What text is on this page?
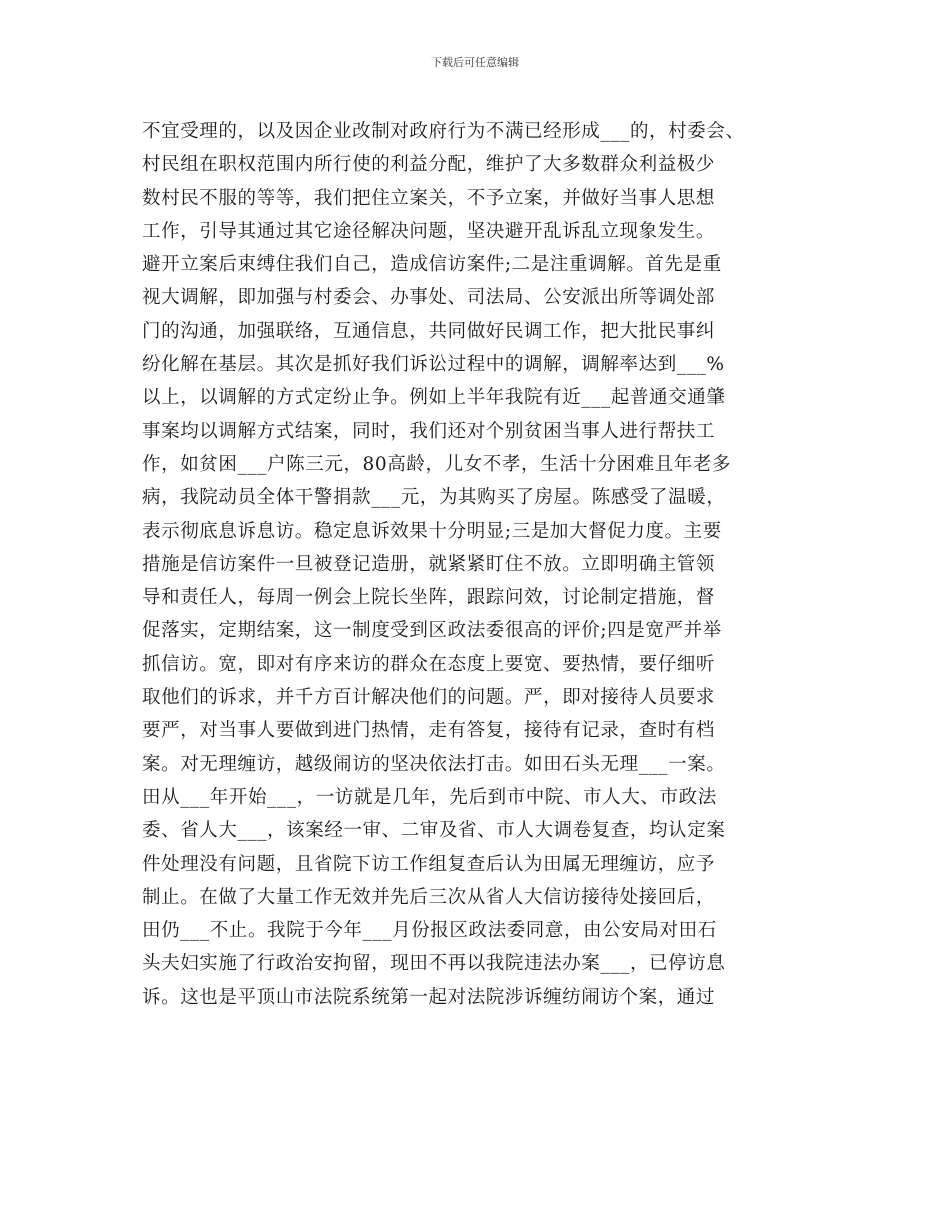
下载后可任意编辑
不宜受理的，以及因企业改制对政府行为不满已经形成___的，村委会、
村民组在职权范围内所行使的利益分配，维护了大多数群众利益极少
数村民不服的等等，我们把住立案关，不予立案，并做好当事人思想
工作，引导其通过其它途径解决问题，坚决避开乱诉乱立现象发生。
避开立案后束缚住我们自己，造成信访案件;二是注重调解。首先是重
视大调解，即加强与村委会、办事处、司法局、公安派出所等调处部
门的沟通，加强联络，互通信息，共同做好民调工作，把大批民事纠
纷化解在基层。其次是抓好我们诉讼过程中的调解，调解率达到___%
以上，以调解的方式定纷止争。例如上半年我院有近___起普通交通肇
事案均以调解方式结案，同时，我们还对个别贫困当事人进行帮扶工
作，如贫困___户陈三元，80高龄，儿女不孝，生活十分困难且年老多
病，我院动员全体干警捐款___元，为其购买了房屋。陈感受了温暖，
表示彻底息诉息访。稳定息诉效果十分明显;三是加大督促力度。主要
措施是信访案件一旦被登记造册，就紧紧盯住不放。立即明确主管领
导和责任人，每周一例会上院长坐阵，跟踪问效，讨论制定措施，督
促落实，定期结案，这一制度受到区政法委很高的评价;四是宽严并举
抓信访。宽，即对有序来访的群众在态度上要宽、要热情，要仔细听
取他们的诉求，并千方百计解决他们的问题。严，即对接待人员要求
要严，对当事人要做到进门热情，走有答复，接待有记录，查时有档
案。对无理缠访，越级闹访的坚决依法打击。如田石头无理___一案。
田从___年开始___，一访就是几年，先后到市中院、市人大、市政法
委、省人大___，该案经一审、二审及省、市人大调卷复查，均认定案
件处理没有问题，且省院下访工作组复查后认为田属无理缠访，应予
制止。在做了大量工作无效并先后三次从省人大信访接待处接回后，
田仍___不止。我院于今年___月份报区政法委同意，由公安局对田石
头夫妇实施了行政治安拘留，现田不再以我院违法办案___，已停访息
诉。这也是平顶山市法院系统第一起对法院涉诉缠纺闹访个案，通过
